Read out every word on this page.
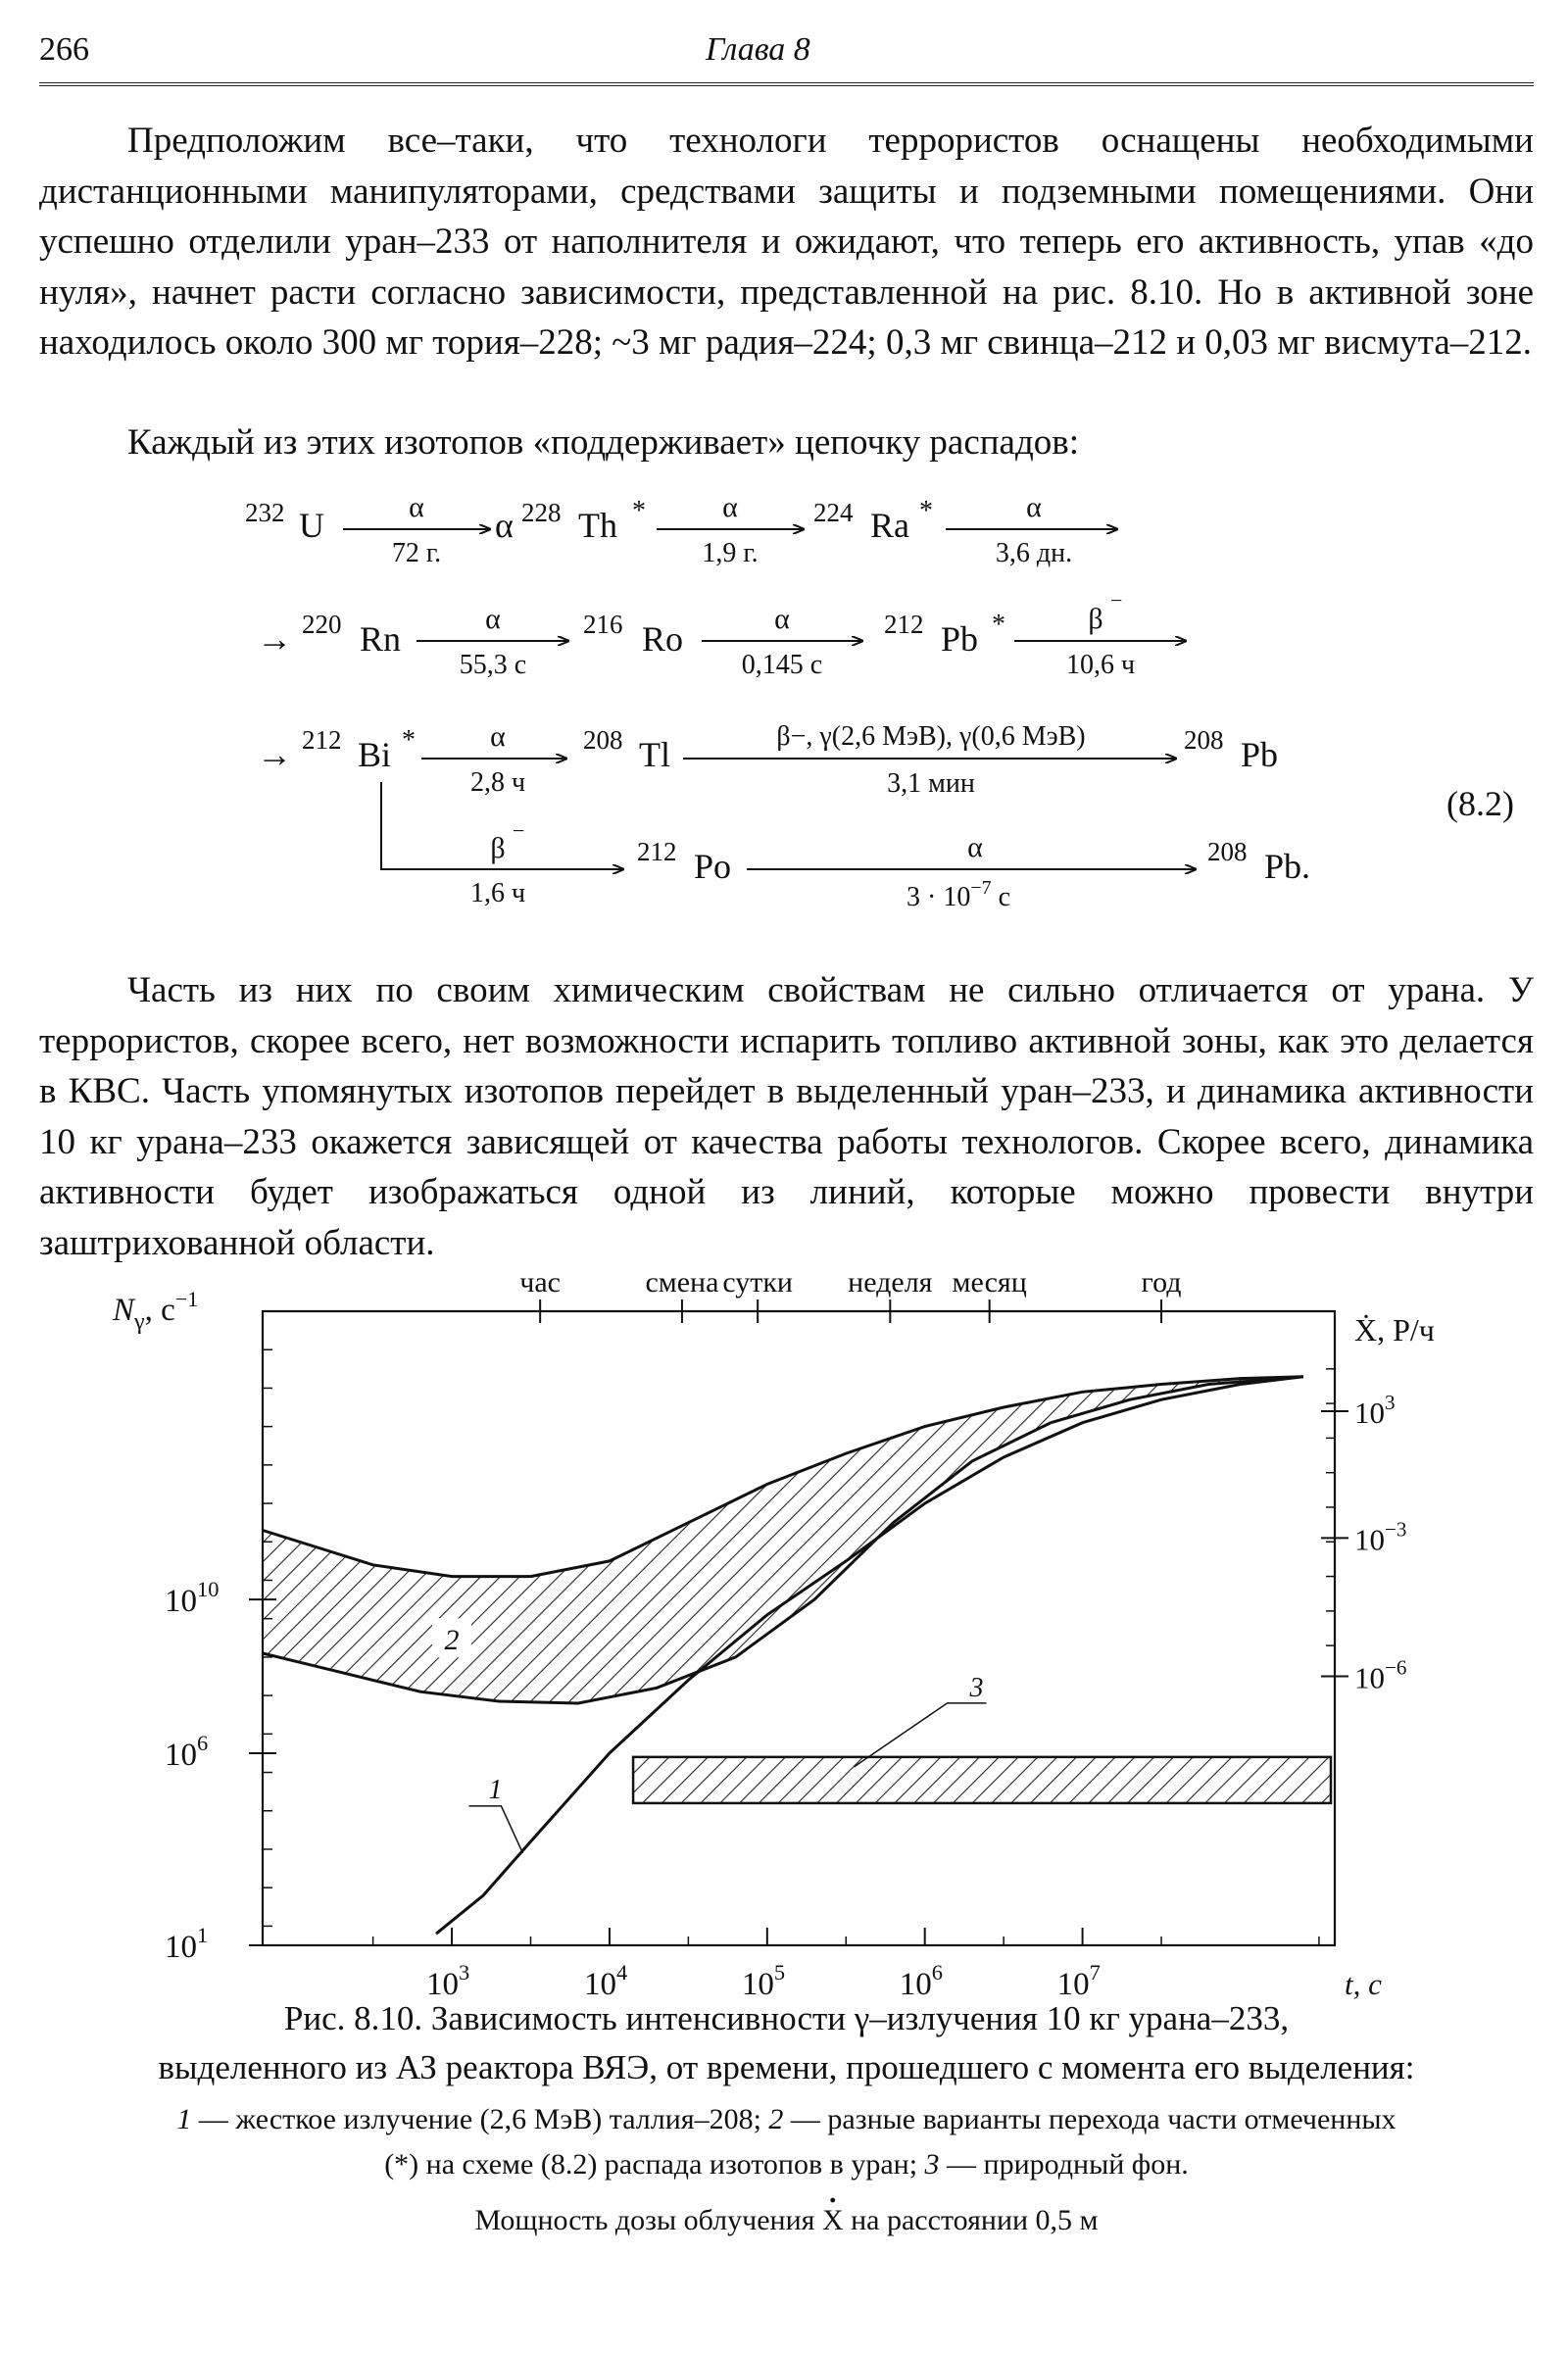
266	Глава 8

Предположим все–таки, что технологи террористов оснащены необходимыми дистанционными манипуляторами, средствами защиты и подземными помещениями. Они успешно отделили уран–233 от наполнителя и ожидают, что теперь его активность, упав «до нуля», начнет расти согласно зависимости, представленной на рис. 8.10. Но в активной зоне находилось около 300 мг тория–228; ~3 мг радия–224; 0,3 мг свинца–212 и 0,03 мг висмута–212.

Каждый из этих изотопов «поддерживает» цепочку распадов:

232 U	α
72 г.
α 228 Th *	α
1,9 г.
224 Ra *	α
3,6 дн.
→ 220 Rn
α
55,3 с
216 Ro
α
0,145 с
212 Pb *	β
−
10,6 ч
→ 212 Bi *	α
2,8 ч
208 Tl	β−, γ(2,6 МэВ), γ(0,6 МэВ)
3,1 мин
208 Pb
β
−
1,6 ч
212 Po	α
$3 \cdot 10^{-7}$ с
208 Pb.
(8.2)

Часть из них по своим химическим свойствам не сильно отличается от урана. У террористов, скорее всего, нет возможности испарить топливо активной зоны, как это делается в КВС. Часть упомянутых изотопов перейдет в выделенный уран–233, и динамика активности 10 кг урана–233 окажется зависящей от качества работы технологов. Скорее всего, динамика активности будет изображаться одной из линий, которые можно провести внутри заштрихованной области.

2
3
1
$10^1$
$10^6$
$10^{10}$
$N_\gamma$, $с^{-1}$
$10^3$	$10^4$	$10^5$	$10^6$	$10^7$	t, с
час	смена сутки неделя месяц	год
$10^{-6}$
$10^{-3}$
$10^3$
Ẋ, Р/ч

Рис. 8.10. Зависимость интенсивности γ–излучения 10 кг урана–233,
выделенного из АЗ реактора ВЯЭ, от времени, прошедшего с момента его выделения:

1 — жесткое излучение (2,6 МэВ) таллия–208; 2 — разные варианты перехода части отмеченных
(*) на схеме (8.2) распада изотопов в уран; 3 — природный фон.

Мощность дозы облучения · X на расстоянии 0,5 м
